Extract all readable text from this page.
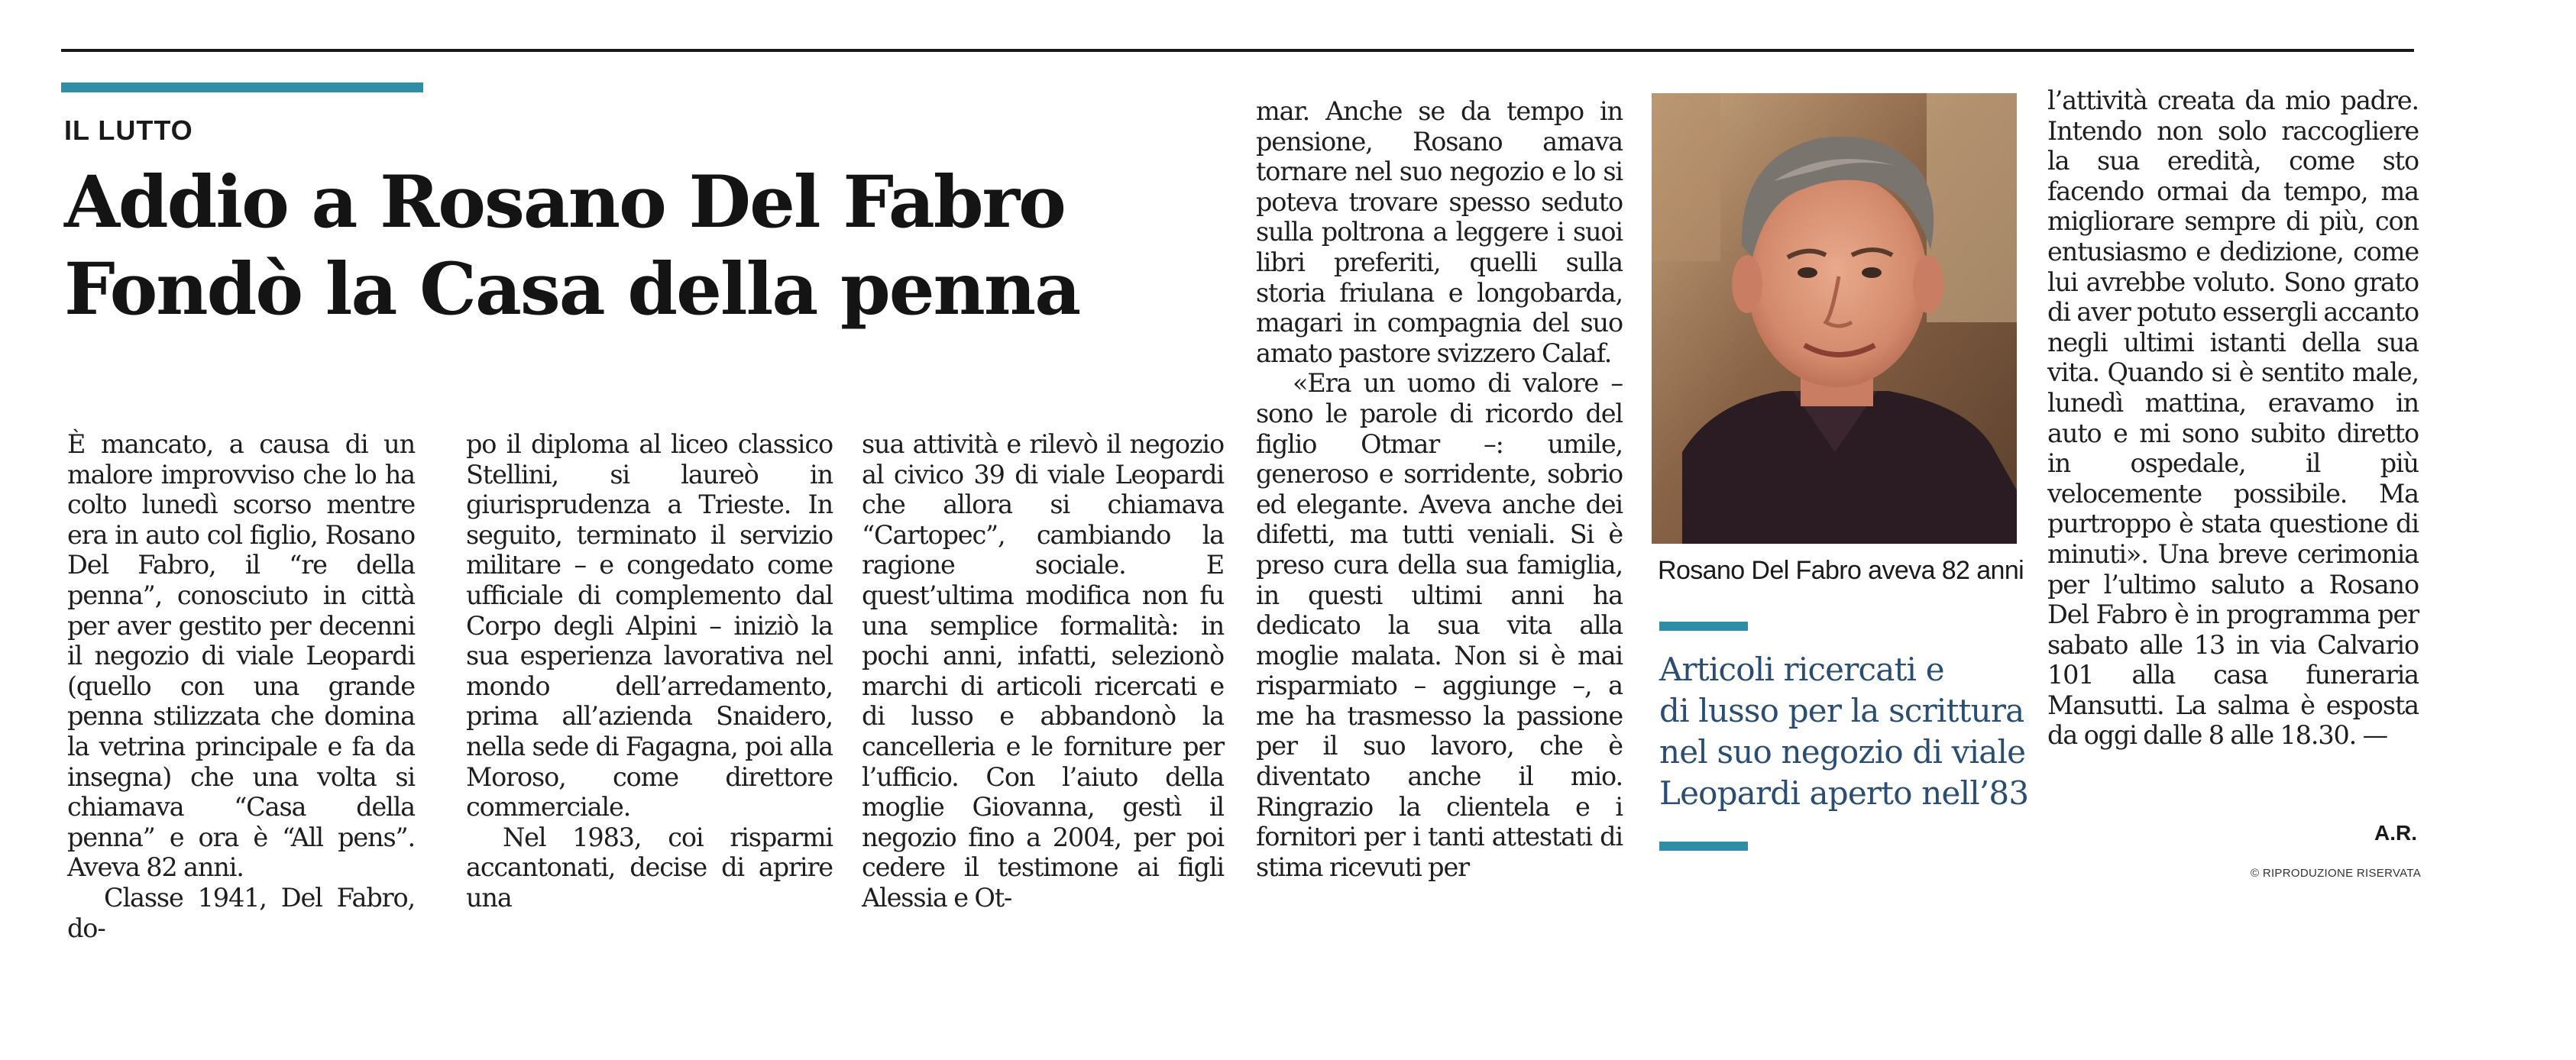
IL LUTTO

Addio a Rosano Del Fabro
Fondò la Casa della penna

È mancato, a causa di un malore improvviso che lo ha colto lunedì scorso mentre era in auto col figlio, Rosano Del Fabro, il “re della penna”, conosciuto in città per aver gestito per decenni il negozio di viale Leopardi (quello con una grande penna stilizzata che domina la vetrina principale e fa da insegna) che una volta si chiamava “Casa della penna” e ora è “All pens”. Aveva 82 anni.

Classe 1941, Del Fabro, do-

po il diploma al liceo classico Stellini, si laureò in giurisprudenza a Trieste. In seguito, terminato il servizio militare – e congedato come ufficiale di complemento dal Corpo degli Alpini – iniziò la sua esperienza lavorativa nel mondo dell’arredamento, prima all’azienda Snaidero, nella sede di Fagagna, poi alla Moroso, come direttore commerciale.

Nel 1983, coi risparmi accantonati, decise di aprire una

sua attività e rilevò il negozio al civico 39 di viale Leopardi che allora si chiamava “Cartopec”, cambiando la ragione sociale. E quest’ultima modifica non fu una semplice formalità: in pochi anni, infatti, selezionò marchi di articoli ricercati e di lusso e abbandonò la cancelleria e le forniture per l’ufficio. Con l’aiuto della moglie Giovanna, gestì il negozio fino a 2004, per poi cedere il testimone ai figli Alessia e Ot-

mar. Anche se da tempo in pensione, Rosano amava tornare nel suo negozio e lo si poteva trovare spesso seduto sulla poltrona a leggere i suoi libri preferiti, quelli sulla storia friulana e longobarda, magari in compagnia del suo amato pastore svizzero Calaf.

«Era un uomo di valore – sono le parole di ricordo del figlio Otmar –: umile, generoso e sorridente, sobrio ed elegante. Aveva anche dei difetti, ma tutti veniali. Si è preso cura della sua famiglia, in questi ultimi anni ha dedicato la sua vita alla moglie malata. Non si è mai risparmiato – aggiunge –, a me ha trasmesso la passione per il suo lavoro, che è diventato anche il mio. Ringrazio la clientela e i fornitori per i tanti attestati di stima ricevuti per

Rosano Del Fabro aveva 82 anni

Articoli ricercati e
di lusso per la scrittura
nel suo negozio di viale
Leopardi aperto nell’83

l’attività creata da mio padre. Intendo non solo raccogliere la sua eredità, come sto facendo ormai da tempo, ma migliorare sempre di più, con entusiasmo e dedizione, come lui avrebbe voluto. Sono grato di aver potuto essergli accanto negli ultimi istanti della sua vita. Quando si è sentito male, lunedì mattina, eravamo in auto e mi sono subito diretto in ospedale, il più velocemente possibile. Ma purtroppo è stata questione di minuti». Una breve cerimonia per l’ultimo saluto a Rosano Del Fabro è in programma per sabato alle 13 in via Calvario 101 alla casa funeraria Mansutti. La salma è esposta da oggi dalle 8 alle 18.30. —

A.R.

© RIPRODUZIONE RISERVATA
